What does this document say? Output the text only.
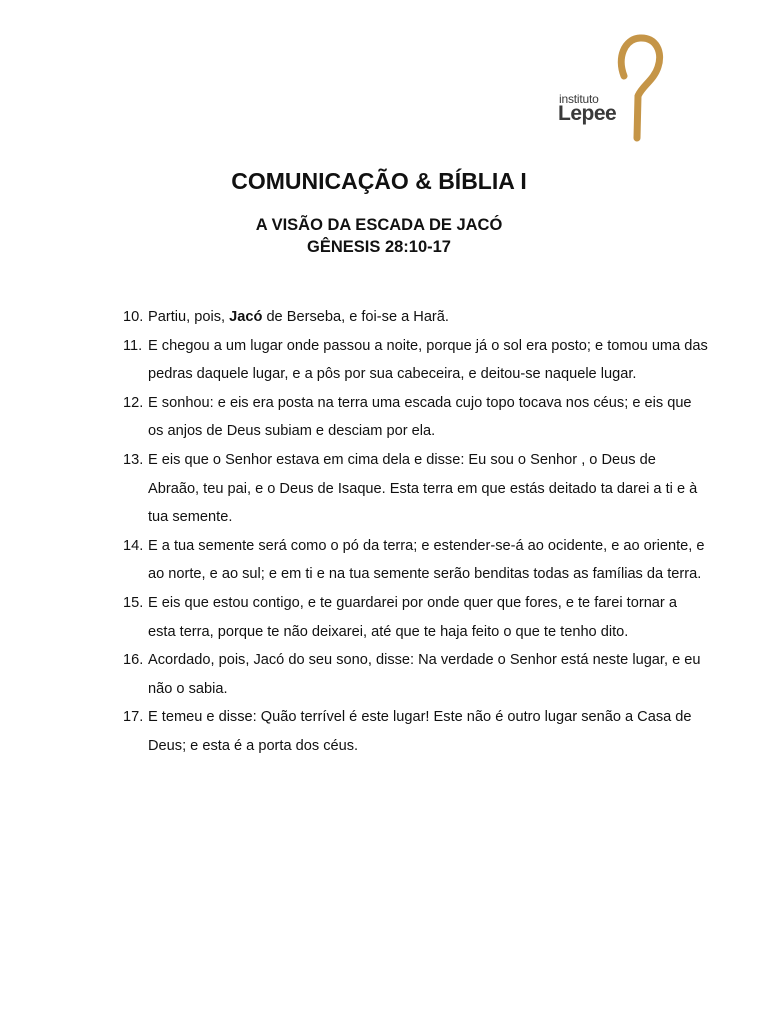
instituto
Lepee
COMUNICAÇÃO & BÍBLIA I
A VISÃO DA ESCADA DE JACÓ
GÊNESIS 28:10-17
10. Partiu, pois, Jacó de Berseba, e foi-se a Harã.
11. E chegou a um lugar onde passou a noite, porque já o sol era posto; e tomou uma das pedras daquele lugar, e a pôs por sua cabeceira, e deitou-se naquele lugar.
12. E sonhou: e eis era posta na terra uma escada cujo topo tocava nos céus; e eis que os anjos de Deus subiam e desciam por ela.
13. E eis que o Senhor estava em cima dela e disse: Eu sou o Senhor , o Deus de Abraão, teu pai, e o Deus de Isaque. Esta terra em que estás deitado ta darei a ti e à tua semente.
14. E a tua semente será como o pó da terra; e estender-se-á ao ocidente, e ao oriente, e ao norte, e ao sul; e em ti e na tua semente serão benditas todas as famílias da terra.
15. E eis que estou contigo, e te guardarei por onde quer que fores, e te farei tornar a esta terra, porque te não deixarei, até que te haja feito o que te tenho dito.
16. Acordado, pois, Jacó do seu sono, disse: Na verdade o Senhor está neste lugar, e eu não o sabia.
17. E temeu e disse: Quão terrível é este lugar! Este não é outro lugar senão a Casa de Deus; e esta é a porta dos céus.
